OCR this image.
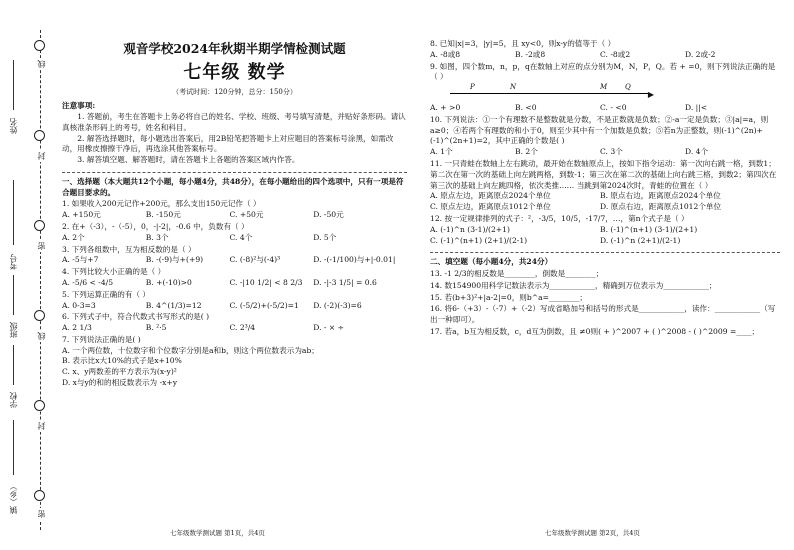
线
封
密
线
封
密
姓名
考号
班级
学校
镇（乡）
观音学校2024年秋期半期学情检测试题
七年级 数学
（考试时间：120分钟，总分：150分）
注意事项:

1. 答题前，考生在答题卡上务必将自己的姓名、学校、班级、考号填写清楚，并贴好条形码。请认真核准条形码上的考号，姓名和科目。

2. 解答选择题时，每小题选出答案后，用2B铅笔把答题卡上对应题目的答案标号涂黑，如需改动，用橡皮擦擦干净后，再选涂其他答案标号。

3. 解答填空题、解答题时，请在答题卡上各题的答案区域内作答。

一、选择题（本大题共12个小题，每小题4分，共48分），在每小题给出的四个选项中，只有一项是符合题目要求的。
1. 如果收入200元记作+200元，那么支出150元记作（ ）
A. +150元	B. -150元	C. +50元	D. -50元
2. 在+（-3），-（-5），0，-|-2|，-0.6 中，负数有（ ）
A. 2个	B. 3个	C. 4个	D. 5个
3. 下列各组数中，互为相反数的是（ ）
A. -5与+7	B. -(-9)与+(+9)	C. (-8)²与(-4)³	D. -(-1/100)与+|-0.01|
4. 下列比较大小正确的是（ ）
A. -5/6 < -4/5	B. +(-10)>0	C. -|10 1/2| < 8 2/3	D. -|-3 1/5| = 0.6
5. 下列运算正确的有（ ）
A. 0-3=3	B. 4^(1/3)=12	C. (-5/2)+(-5/2)=1	D. (-2)(-3)=6
6. 下列式子中，符合代数式书写形式的是( )
A. 2 1/3	B. ²·5	C. 2³/4	D. - × ÷
7. 下列说法正确的是( )
A. 一个两位数，十位数字和个位数字分别是a和b，则这个两位数表示为ab；
B. 表示比x大10%的式子是x+10%
C. x、y两数差的平方表示为(x-y)²
D. x与y的和的相反数表示为 -x+y
七年级数学测试题 第1页，共4页
8. 已知|x|=3，|y|=5，且 xy<0，则x-y的值等于（ ）
A. -8或8	B. -2或8	C. -8或2	D. 2或-2
9. 如图，四个数m，n，p，q在数轴上对应的点分别为M，N，P，Q。若 + =0，则下列说法正确的是（ ）
▶
P	N	M	Q
A. + >0	B. <0	C. - <0	D. ||<
10. 下列说法：①一个有理数不是整数就是分数，不是正数就是负数；②-a一定是负数；③|a|=a，则a≥0；④若两个有理数的和小于0，则至少其中有一个加数是负数；⑤若n为正整数，则(-1)^(2n)+(-1)^(2n+1)=2，其中正确的个数是( )
A. 1个	B. 2个	C. 3个	D. 4个
11. 一只青蛙在数轴上左右跳动，最开始在数轴原点上，按如下指令运动：第一次向右跳一格，到数1；第二次在第一次的基础上向左跳两格，到数-1；第三次在第二次的基础上向右跳三格，到数2；第四次在第三次的基础上向左跳四格，依次类推…… 当跳到第2024次时，青蛙的位置在（ ）
A. 原点左边，距离原点2024个单位	B. 原点右边，距离原点2024个单位
C. 原点左边，距离原点1012个单位	D. 原点右边，距离原点1012个单位
12. 按一定规律排列的式子：²，-3/5，10/5，-17/7，…，第n个式子是（ ）
A. (-1)^n (3-1)/(2+1)	B. (-1)^(n+1) (3-1)/(2+1)
C. (-1)^(n+1) (2+1)/(2-1)	D. (-1)^n (2+1)/(2-1)
二、填空题（每小题4分，共24分）
13. -1 2/3的相反数是________，倒数是________；
14. 数154900用科学记数法表示为____________，精确到万位表示为____________；
15. 若(b+3)²+|a-2|=0，则b^a=________；
16. 将6-（+3）-（-7）+（-2）写成省略加号和括号的形式是____________，读作：____________（写出一种即可）。
17. 若a，b互为相反数，c，d互为倒数，且 ≠0则( + )^2007 + ( )^2008 - ( )^2009 =____；
七年级数学测试题 第2页，共4页
